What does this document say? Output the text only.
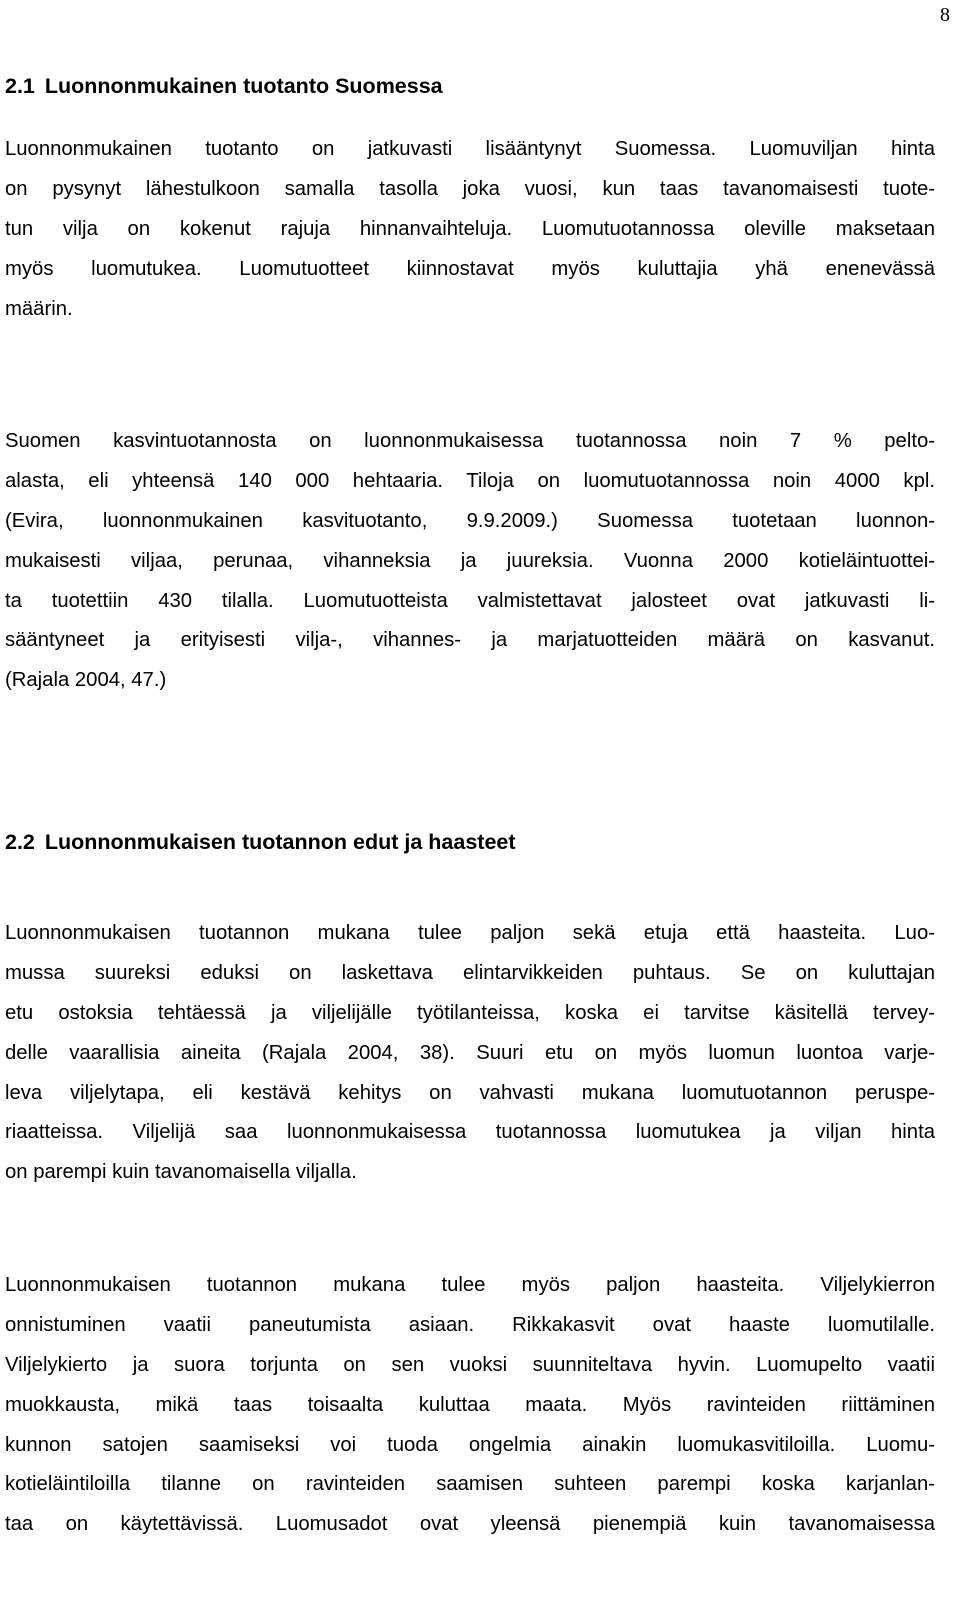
8
2.1 Luonnonmukainen tuotanto Suomessa
Luonnonmukainen tuotanto on jatkuvasti lisääntynyt Suomessa. Luomuviljan hinta
on pysynyt lähestulkoon samalla tasolla joka vuosi, kun taas tavanomaisesti tuote-
tun vilja on kokenut rajuja hinnanvaihteluja. Luomutuotannossa oleville maksetaan
myös luomutukea. Luomutuotteet kiinnostavat myös kuluttajia yhä enenevässä
määrin.
Suomen kasvintuotannosta on luonnonmukaisessa tuotannossa noin 7 % pelto-
alasta, eli yhteensä 140 000 hehtaaria. Tiloja on luomutuotannossa noin 4000 kpl.
(Evira, luonnonmukainen kasvituotanto, 9.9.2009.) Suomessa tuotetaan luonnon-
mukaisesti viljaa, perunaa, vihanneksia ja juureksia. Vuonna 2000 kotieläintuottei-
ta tuotettiin 430 tilalla. Luomutuotteista valmistettavat jalosteet ovat jatkuvasti li-
sääntyneet ja erityisesti vilja-, vihannes- ja marjatuotteiden määrä on kasvanut.
(Rajala 2004, 47.)
2.2 Luonnonmukaisen tuotannon edut ja haasteet
Luonnonmukaisen tuotannon mukana tulee paljon sekä etuja että haasteita. Luo-
mussa suureksi eduksi on laskettava elintarvikkeiden puhtaus. Se on kuluttajan
etu ostoksia tehtäessä ja viljelijälle työtilanteissa, koska ei tarvitse käsitellä tervey-
delle vaarallisia aineita (Rajala 2004, 38). Suuri etu on myös luomun luontoa varje-
leva viljelytapa, eli kestävä kehitys on vahvasti mukana luomutuotannon peruspe-
riaatteissa. Viljelijä saa luonnonmukaisessa tuotannossa luomutukea ja viljan hinta
on parempi kuin tavanomaisella viljalla.
Luonnonmukaisen tuotannon mukana tulee myös paljon haasteita. Viljelykierron
onnistuminen vaatii paneutumista asiaan. Rikkakasvit ovat haaste luomutilalle.
Viljelykierto ja suora torjunta on sen vuoksi suunniteltava hyvin. Luomupelto vaatii
muokkausta, mikä taas toisaalta kuluttaa maata. Myös ravinteiden riittäminen
kunnon satojen saamiseksi voi tuoda ongelmia ainakin luomukasvitiloilla. Luomu-
kotieläintiloilla tilanne on ravinteiden saamisen suhteen parempi koska karjanlan-
taa on käytettävissä. Luomusadot ovat yleensä pienempiä kuin tavanomaisessa
